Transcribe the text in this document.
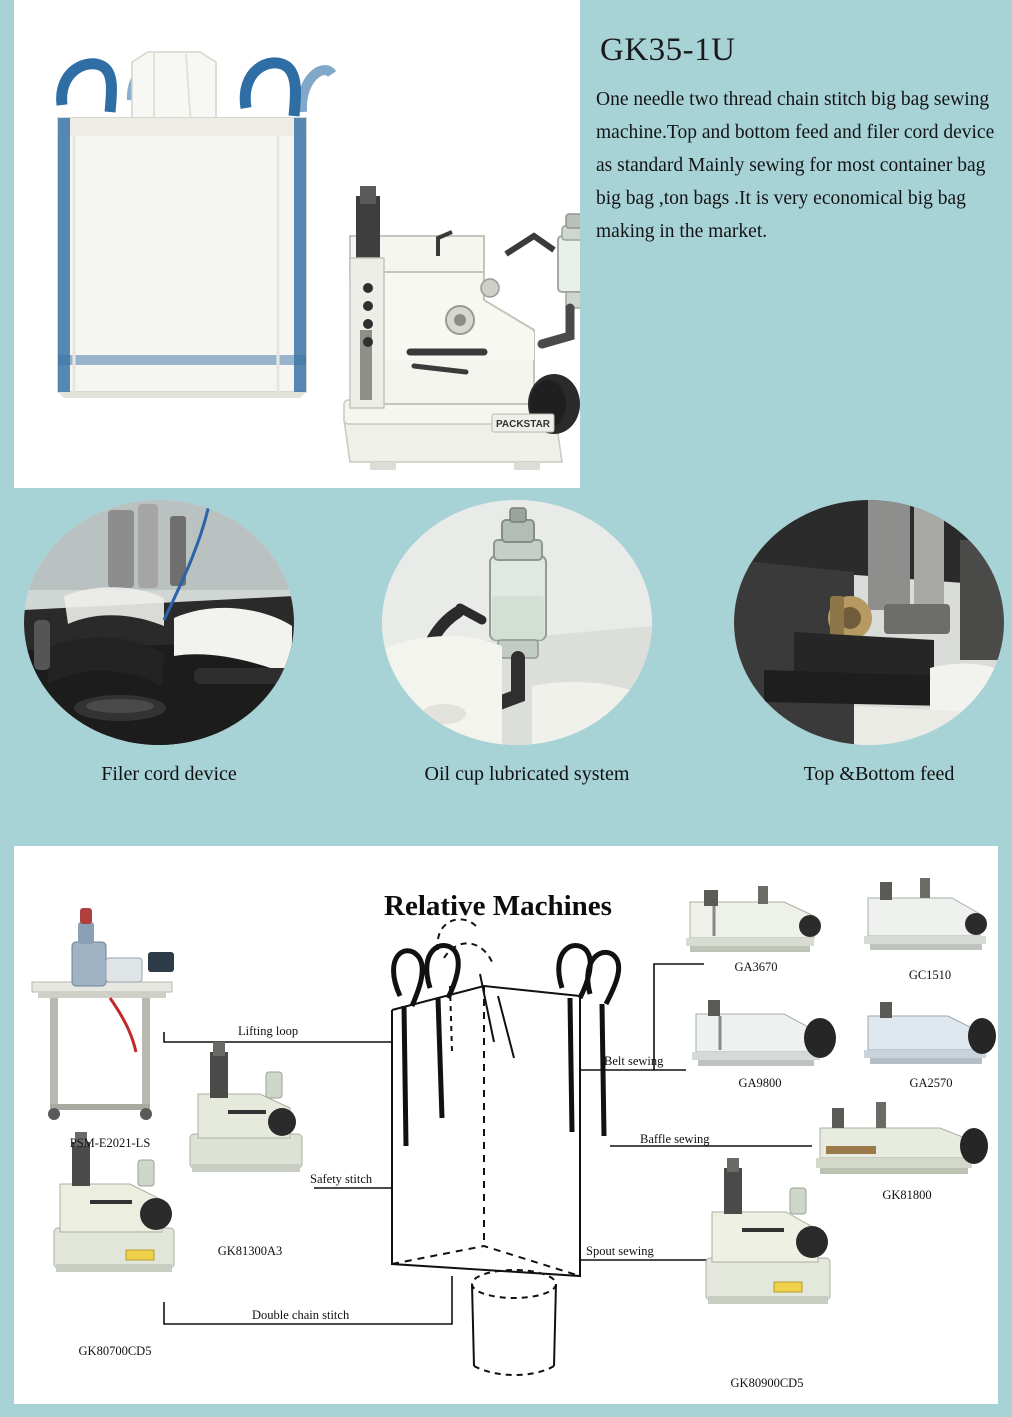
PACKSTAR
GK35-1U
One needle two thread chain stitch big bag sewing machine.Top and bottom feed and filer cord device as standard Mainly sewing for most container bag big bag ,ton bags .It is very economical big bag making in the market.
Filer cord device	Oil cup lubricated system	Top &Bottom feed
Relative Machines
PSM-E2021-LS
GK81300A3
GK80700CD5
GA3670
GC1510
GA9800	GA2570
GK81800
GK80900CD5
Lifting loop
Safety stitch
Double chain stitch
Belt sewing
Baffle sewing
Spout sewing
